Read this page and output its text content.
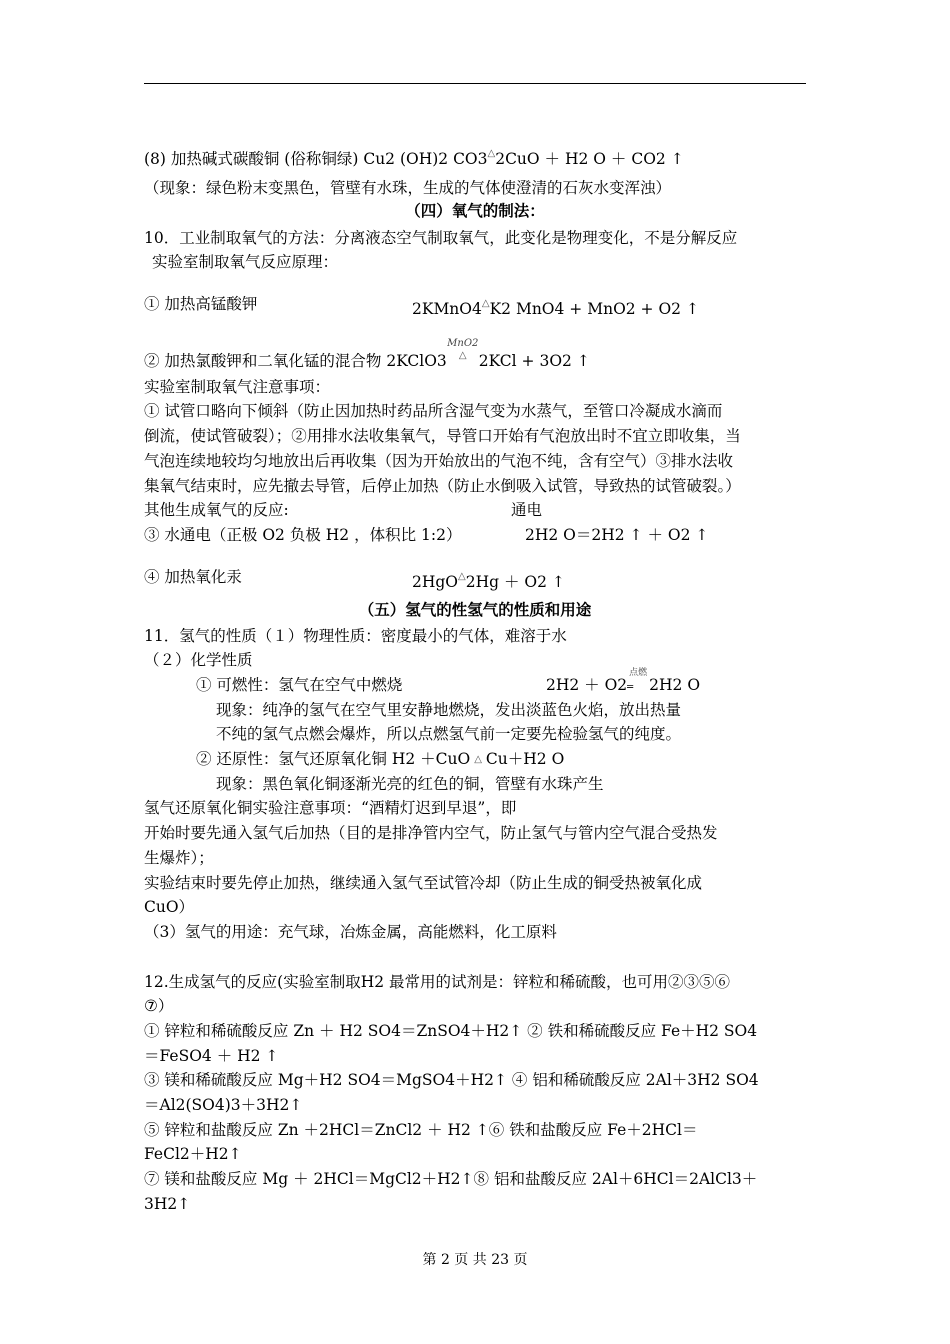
(8) 加热碱式碳酸铜 (俗称铜绿) Cu2 (OH)2 CO3△2CuO ＋ H2 O ＋ CO2 ↑
（现象：绿色粉末变黑色，管壁有水珠，生成的气体使澄清的石灰水变浑浊）
（四）氧气的制法：
10．工业制取氧气的方法：分离液态空气制取氧气，此变化是物理变化，不是分解反应
实验室制取氧气反应原理：
① 加热高锰酸钾	2KMnO4△K2 MnO4 + MnO2 + O2 ↑
② 加热氯酸钾和二氧化锰的混合物 2KClO3
MnO2
△ 2KCl + 3O2 ↑
实验室制取氧气注意事项：
① 试管口略向下倾斜（防止因加热时药品所含湿气变为水蒸气，至管口冷凝成水滴而
倒流，使试管破裂）；②用排水法收集氧气，导管口开始有气泡放出时不宜立即收集，当
气泡连续地较均匀地放出后再收集（因为开始放出的气泡不纯，含有空气）③排水法收
集氧气结束时，应先撤去导管，后停止加热（防止水倒吸入试管，导致热的试管破裂。）
其他生成氧气的反应:	通电
③ 水通电（正极 O2 负极 H2 ，体积比 1:2）	2H2 O＝2H2 ↑ ＋ O2 ↑
④ 加热氧化汞	2HgO△2Hg ＋ O2 ↑
（五）氢气的性氢气的性质和用途
11．氢气的性质（１）物理性质：密度最小的气体，难溶于水
（２）化学性质
① 可燃性：氢气在空气中燃烧	2H2 ＋ O2
点燃
═ 2H2 O
现象：纯净的氢气在空气里安静地燃烧，发出淡蓝色火焰，放出热量
不纯的氢气点燃会爆炸，所以点燃氢气前一定要先检验氢气的纯度。
② 还原性：氢气还原氧化铜 H2 ＋CuO △ Cu＋H2 O
现象：黑色氧化铜逐渐光亮的红色的铜，管壁有水珠产生
氢气还原氧化铜实验注意事项：“酒精灯迟到早退”，即
开始时要先通入氢气后加热（目的是排净管内空气，防止氢气与管内空气混合受热发
生爆炸）；
实验结束时要先停止加热，继续通入氢气至试管冷却（防止生成的铜受热被氧化成
CuO）
（3）氢气的用途：充气球，冶炼金属，高能燃料，化工原料
12.生成氢气的反应(实验室制取H2 最常用的试剂是：锌粒和稀硫酸，也可用②③⑤⑥
⑦）
① 锌粒和稀硫酸反应 Zn ＋ H2 SO4＝ZnSO4＋H2↑ ② 铁和稀硫酸反应 Fe＋H2 SO4
＝FeSO4 ＋ H2 ↑
③ 镁和稀硫酸反应 Mg＋H2 SO4＝MgSO4＋H2↑ ④ 铝和稀硫酸反应 2Al＋3H2 SO4
＝Al2(SO4)3＋3H2↑
⑤ 锌粒和盐酸反应 Zn ＋2HCl＝ZnCl2 ＋ H2 ↑⑥ 铁和盐酸反应 Fe＋2HCl＝
FeCl2＋H2↑
⑦ 镁和盐酸反应 Mg ＋ 2HCl＝MgCl2＋H2↑⑧ 铝和盐酸反应 2Al＋6HCl＝2AlCl3＋
3H2↑
第 2 页 共 23 页
